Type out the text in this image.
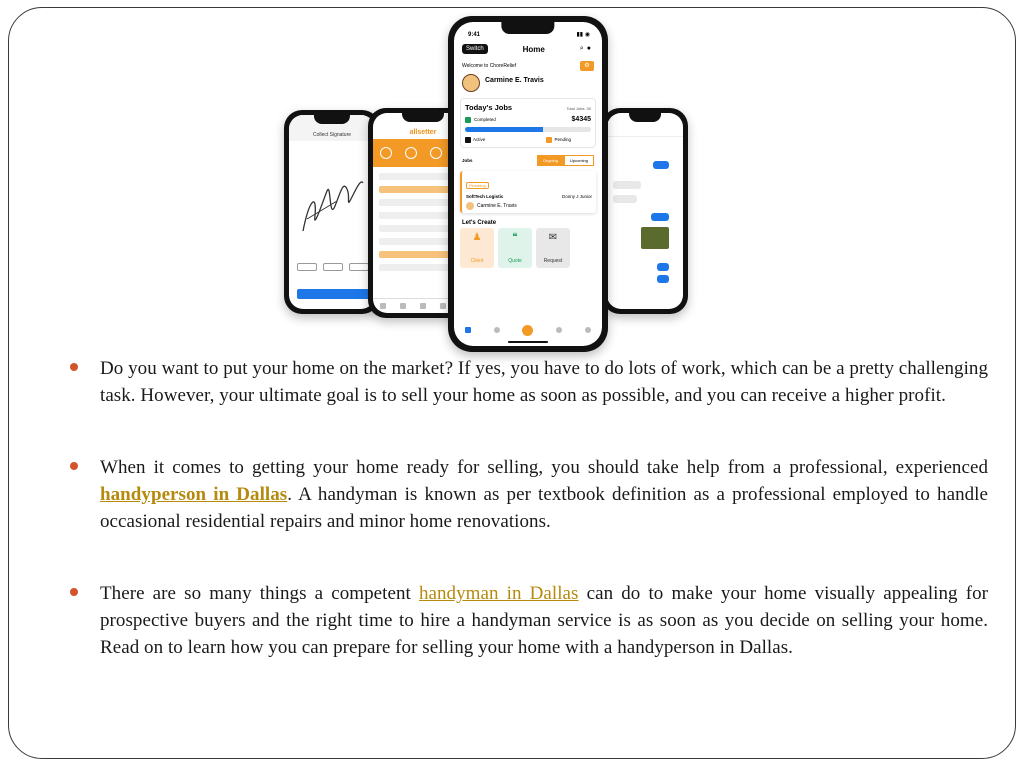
Collect Signature	allsetter
9:41	▮▮ ◉
Switch	Home	⌕●
Welcome to ChoreRelief	⚙
Carmine E. Travis

Today's Jobs	Total Jobs: 30
Completed	$4345
Active	Pending
Jobs	Ongoing	Upcoming
Plumbing
SoftTech Logistic	Donny J Junior
Carmine E. Travis
Let's Create
♟
Client
❝
Quote
✉
Request
Do you want to put your home on the market? If yes, you have to do lots of work, which can be a pretty challenging task. However, your ultimate goal is to sell your home as soon as possible, and you can receive a higher profit.
When it comes to getting your home ready for selling, you should take help from a professional, experienced handyperson in Dallas. A handyman is known as per textbook definition as a professional employed to handle occasional residential repairs and minor home renovations.
There are so many things a competent handyman in Dallas can do to make your home visually appealing for prospective buyers and the right time to hire a handyman service is as soon as you decide on selling your home. Read on to learn how you can prepare for selling your home with a handyperson in Dallas.
